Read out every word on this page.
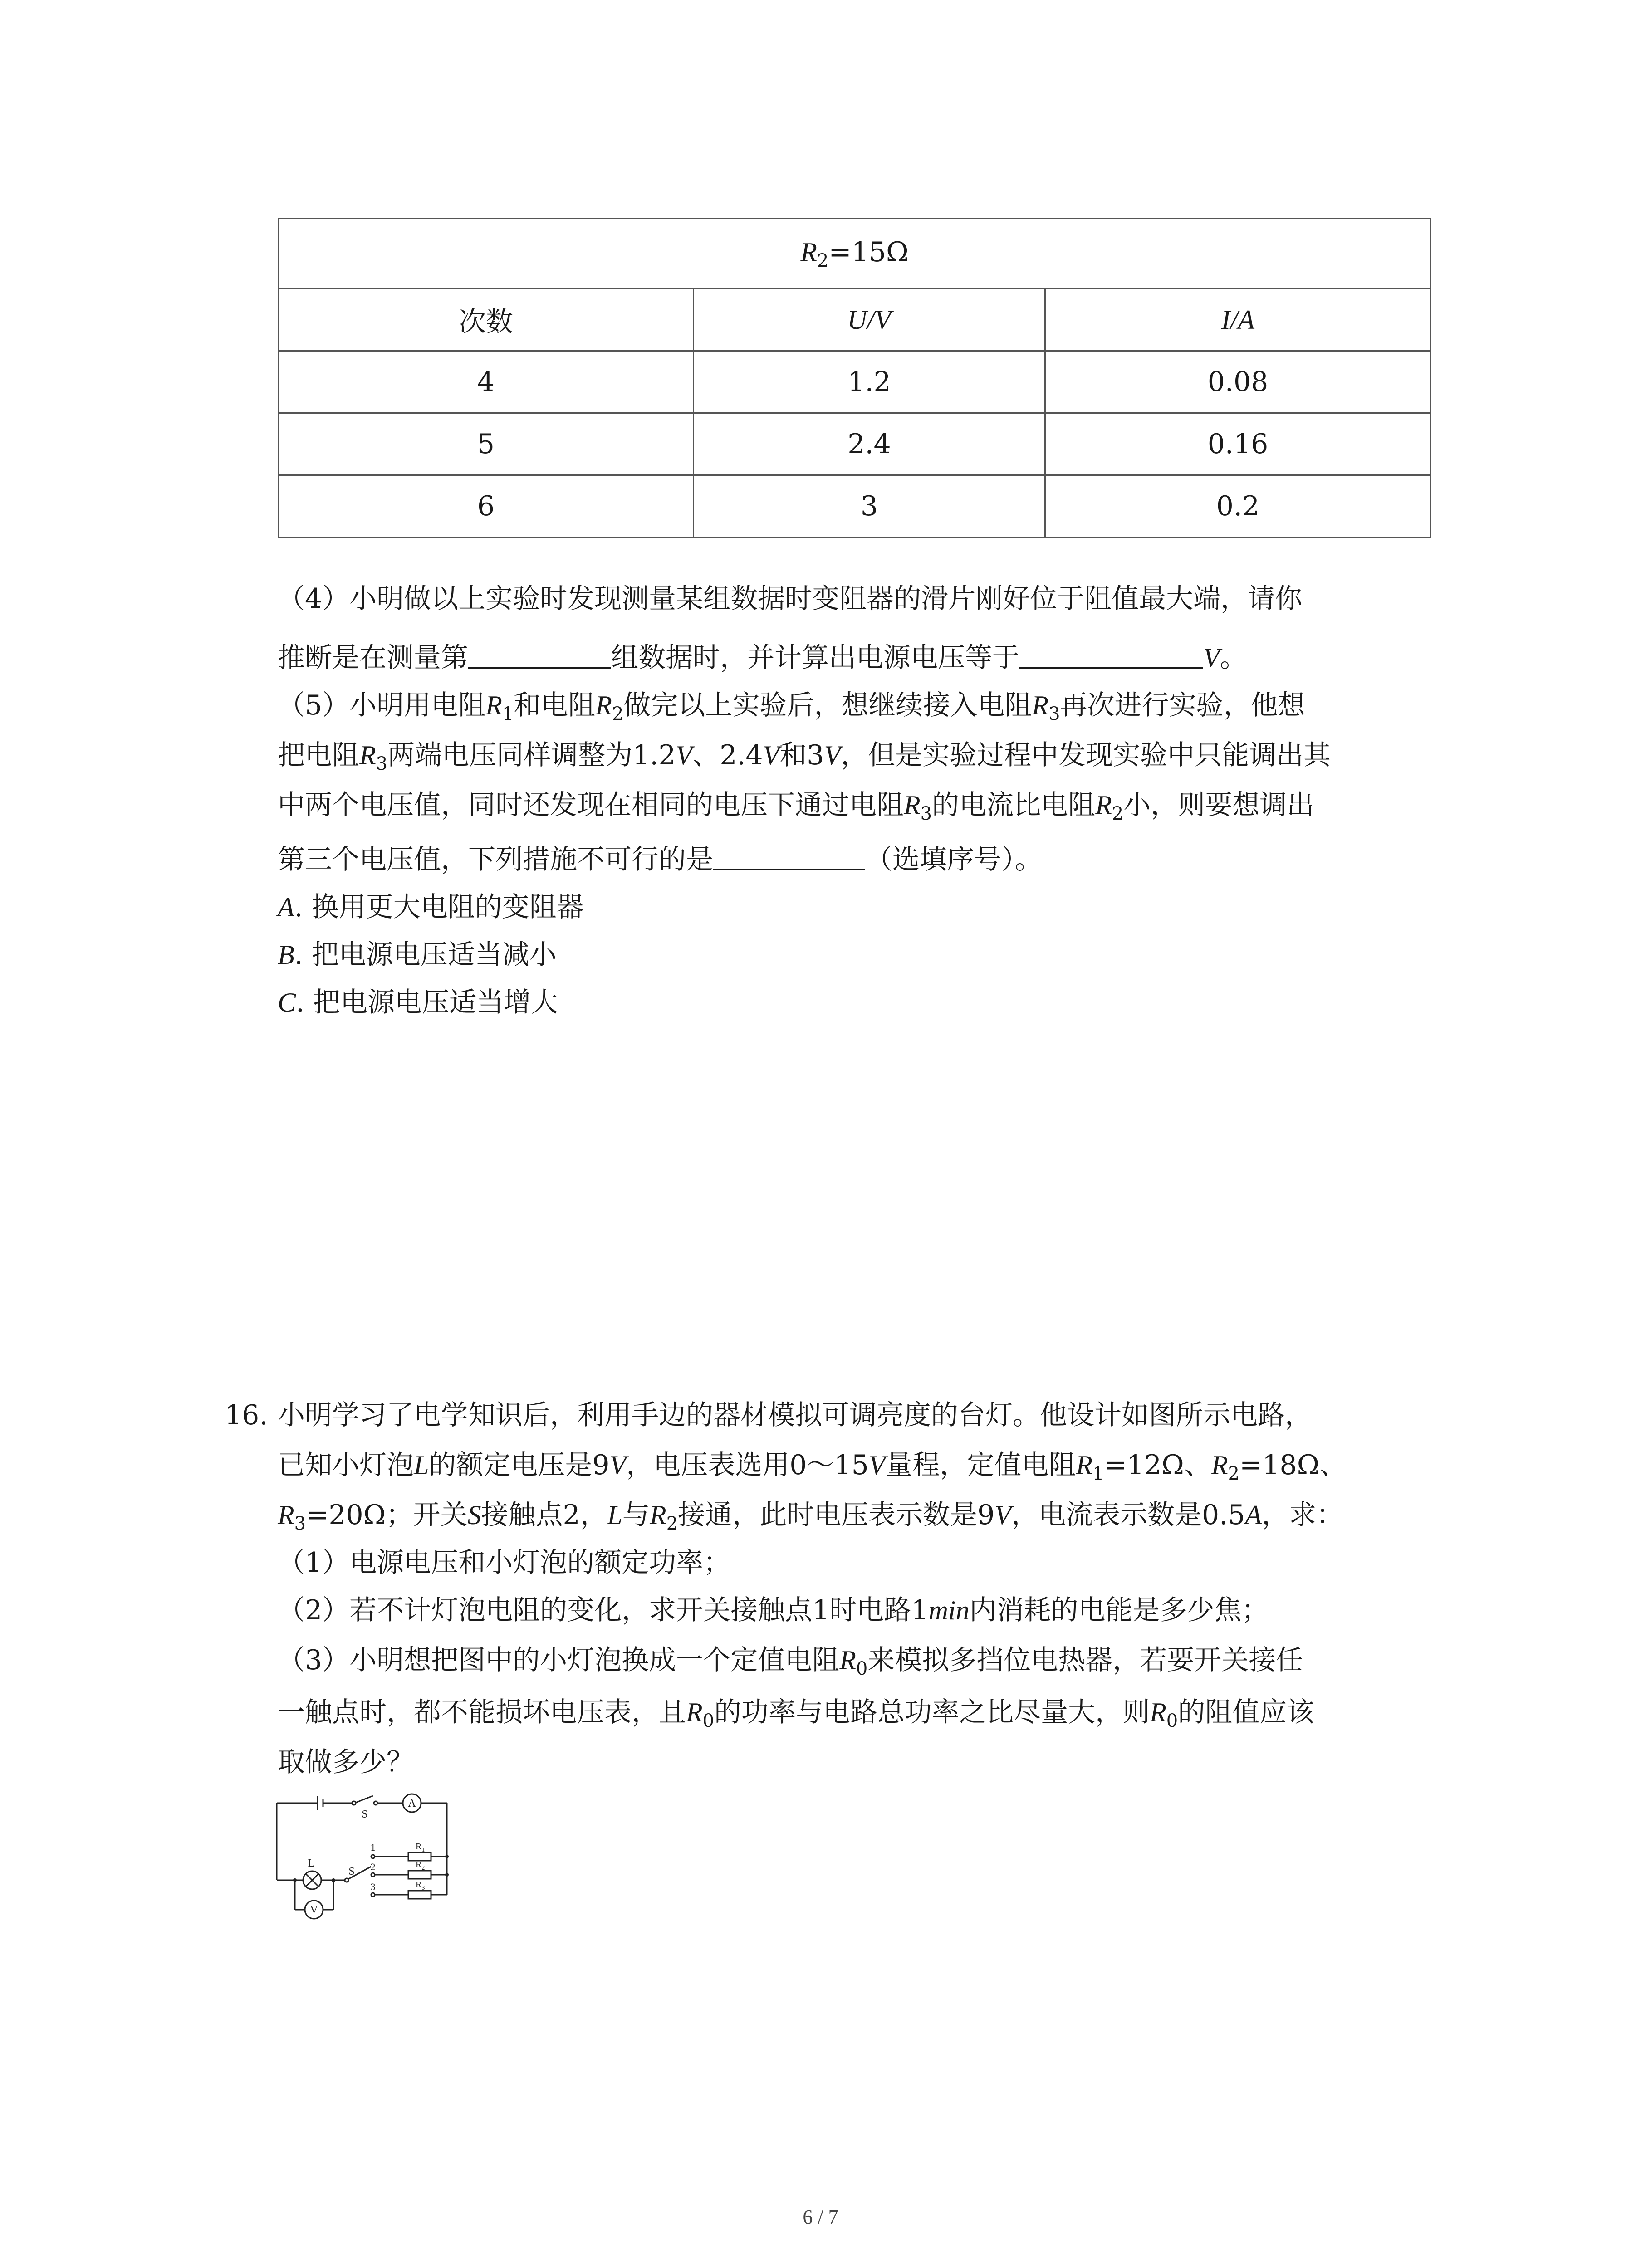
$R_2=15\Omega$		
次数	U/V	I/A
4	1.2	0.08
5	2.4	0.16
6	3	0.2
（4）小明做以上实验时发现测量某组数据时变阻器的滑片刚好位于阻值最大端，请你
推断是在测量第	组数据时，并计算出电源电压等于	V。
（5）小明用电阻$R_1$和电阻$R_2$做完以上实验后，想继续接入电阻$R_3$再次进行实验，他想
把电阻$R_3$两端电压同样调整为1.2V、2.4V和3V，但是实验过程中发现实验中只能调出其
中两个电压值，同时还发现在相同的电压下通过电阻$R_3$的电流比电阻$R_2$小，则要想调出
第三个电压值，下列措施不可行的是	（选填序号）。
A. 换用更大电阻的变阻器
B. 把电源电压适当减小
C. 把电源电压适当增大
16. 小明学习了电学知识后，利用手边的器材模拟可调亮度的台灯。他设计如图所示电路，
已知小灯泡L的额定电压是9V，电压表选用0～15V量程，定值电阻$R_1=12\Omega$、$R_2=18\Omega$、
$R_3=20\Omega$；开关S接触点2，L与$R_2$接通，此时电压表示数是9V，电流表示数是0.5A，求：
（1）电源电压和小灯泡的额定功率；
（2）若不计灯泡电阻的变化，求开关接触点1时电路1min内消耗的电能是多少焦；
（3）小明想把图中的小灯泡换成一个定值电阻$R_0$来模拟多挡位电热器，若要开关接任
一触点时，都不能损坏电压表，且$R_0$的功率与电路总功率之比尽量大，则$R_0$的阻值应该
取做多少？
A
V
L
S
S
1
2
3
$R_1$
$R_2$
$R_3$
6 / 7
